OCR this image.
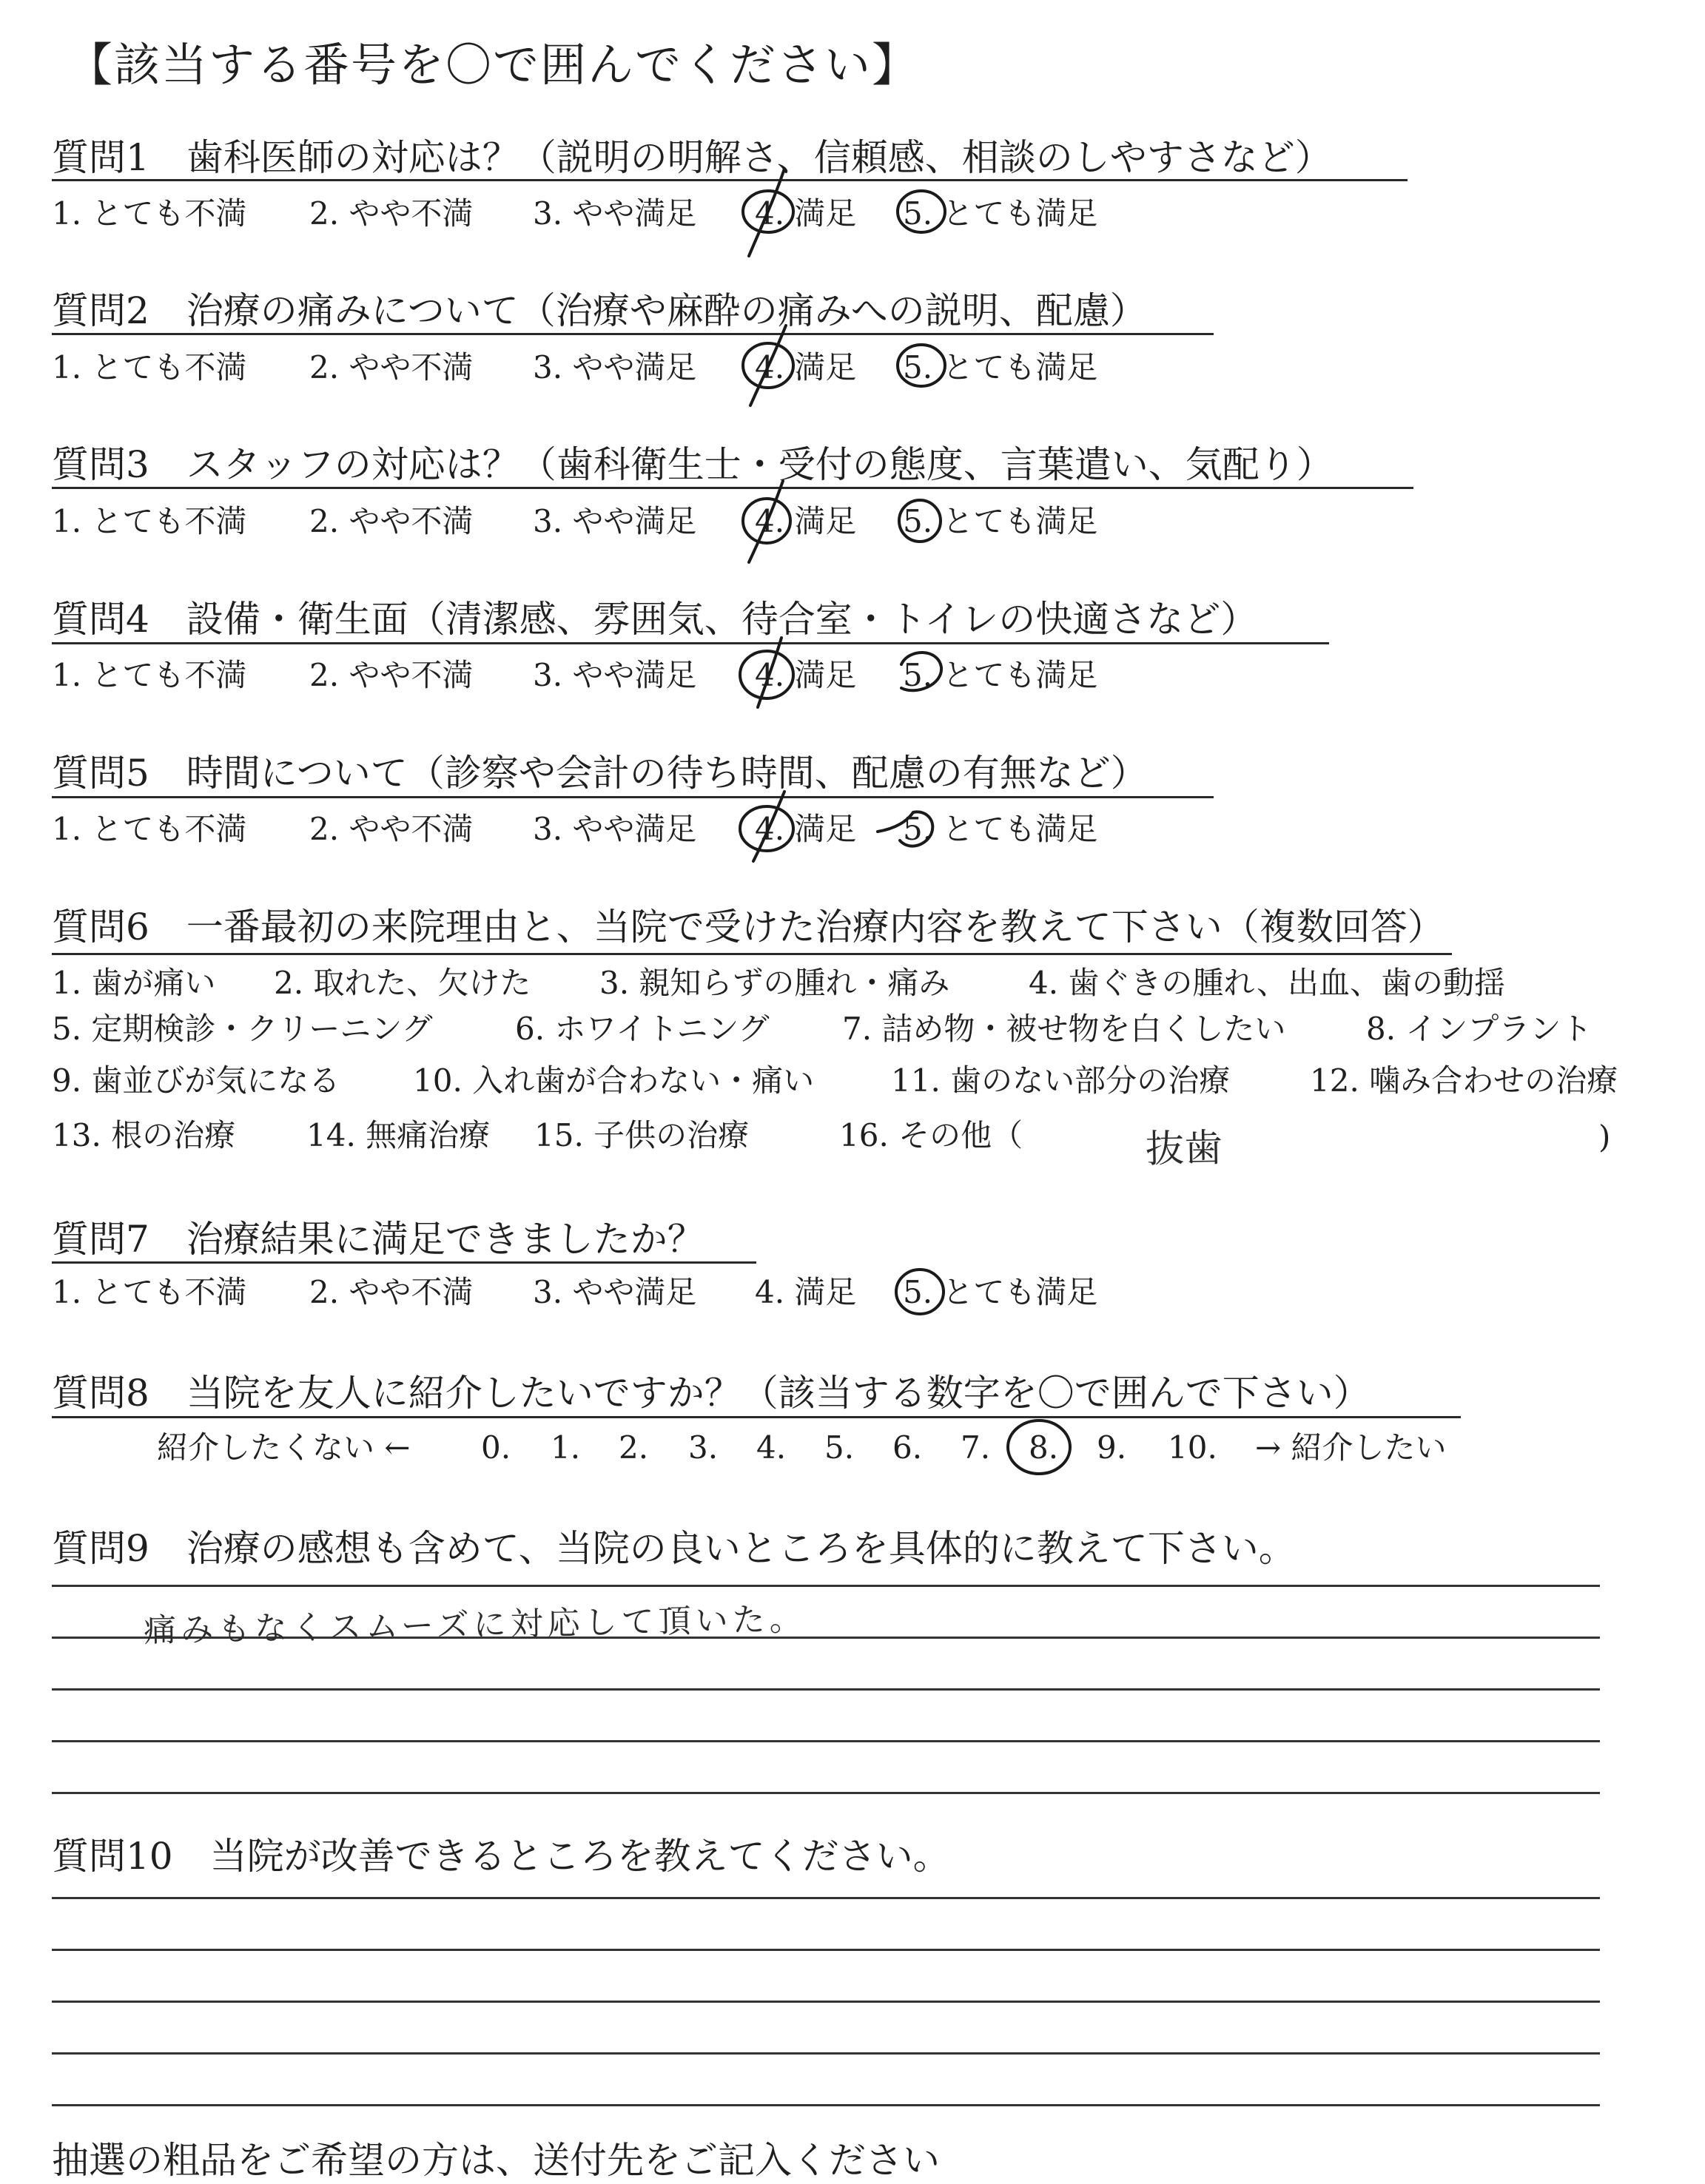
【該当する番号を〇で囲んでください】
質問1　歯科医師の対応は？（説明の明解さ、信頼感、相談のしやすさなど）
1. とても不満 2. やや不満 3. やや満足 4. 満足 5. とても満足
質問2　治療の痛みについて（治療や麻酔の痛みへの説明、配慮）
1. とても不満 2. やや不満 3. やや満足 4. 満足 5. とても満足
質問3　スタッフの対応は？（歯科衛生士・受付の態度、言葉遣い、気配り）
1. とても不満 2. やや不満 3. やや満足 4. 満足 5. とても満足
質問4　設備・衛生面（清潔感、雰囲気、待合室・トイレの快適さなど）
1. とても不満 2. やや不満 3. やや満足 4. 満足 5. とても満足
質問5　時間について（診察や会計の待ち時間、配慮の有無など）
1. とても不満 2. やや不満 3. やや満足 4. 満足 5. とても満足
質問6　一番最初の来院理由と、当院で受けた治療内容を教えて下さい（複数回答）
1. 歯が痛い 2. 取れた、欠けた 3. 親知らずの腫れ・痛み	4. 歯ぐきの腫れ、出血、歯の動揺
5. 定期検診・クリーニング	6. ホワイトニング 7. 詰め物・被せ物を白くしたい	8. インプラント
9. 歯並びが気になる 10. 入れ歯が合わない・痛い 11. 歯のない部分の治療	12. 噛み合わせの治療
13. 根の治療 14. 無痛治療 15. 子供の治療	16. その他（	)
抜歯
質問7　治療結果に満足できましたか？
1. とても不満 2. やや不満 3. やや満足 4. 満足 5. とても満足
質問8　当院を友人に紹介したいですか？（該当する数字を〇で囲んで下さい）
紹介したくない ← 0. 1. 2. 3. 4. 5. 6. 7. 8. 9. 10. → 紹介したい
質問9　治療の感想も含めて、当院の良いところを具体的に教えて下さい。
痛みもなくスムーズに対応して頂いた。
質問10　当院が改善できるところを教えてください。
抽選の粗品をご希望の方は、送付先をご記入ください
